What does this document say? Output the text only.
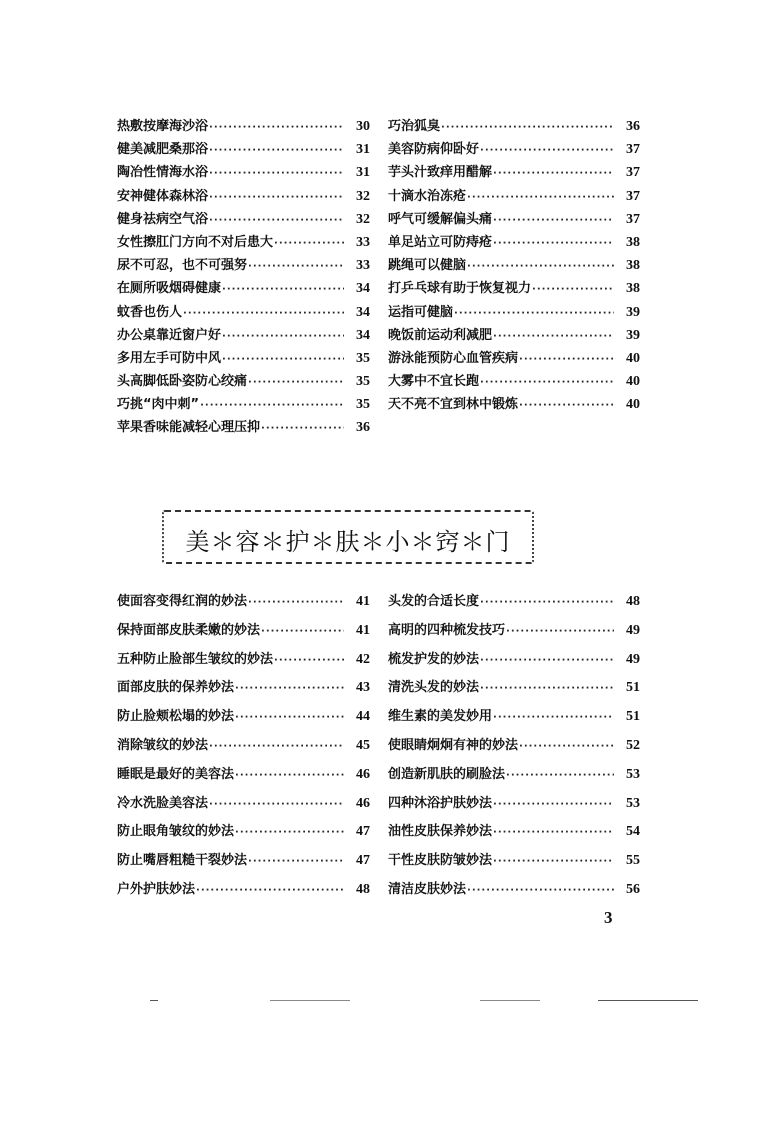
热敷按摩海沙浴 ·····	30
健美减肥桑那浴 ·····	31
陶冶性情海水浴 ·····	31
安神健体森林浴 ·····	32
健身祛病空气浴 ·····	32
女性擦肛门方向不对后患大 ·····	33
尿不可忍，也不可强努 ·····	33
在厕所吸烟碍健康 ·····	34
蚊香也伤人 ·····	34
办公桌靠近窗户好 ·····	34
多用左手可防中风 ·····	35
头高脚低卧姿防心绞痛 ·····	35
巧挑“肉中刺” ·····	35
苹果香味能减轻心理压抑 ·····	36
巧治狐臭 ·····	36
美容防病仰卧好 ·····	37
芋头汁致痒用醋解 ·····	37
十滴水治冻疮 ·····	37
呼气可缓解偏头痛 ·····	37
单足站立可防痔疮 ·····	38
跳绳可以健脑 ·····	38
打乒乓球有助于恢复视力 ·····	38
运指可健脑 ·····	39
晚饭前运动利减肥 ·····	39
游泳能预防心血管疾病 ·····	40
大雾中不宜长跑 ·····	40
天不亮不宜到林中锻炼 ·····	40
美＊容＊护＊肤＊小＊窍＊门
使面容变得红润的妙法 ·····	41
保持面部皮肤柔嫩的妙法 ·····	41
五种防止脸部生皱纹的妙法 ·····	42
面部皮肤的保养妙法 ·····	43
防止脸颊松塌的妙法 ·····	44
消除皱纹的妙法 ·····	45
睡眠是最好的美容法 ·····	46
冷水洗脸美容法 ·····	46
防止眼角皱纹的妙法 ·····	47
防止嘴唇粗糙干裂妙法 ·····	47
户外护肤妙法 ·····	48
头发的合适长度 ·····	48
高明的四种梳发技巧 ·····	49
梳发护发的妙法 ·····	49
清洗头发的妙法 ·····	51
维生素的美发妙用 ·····	51
使眼睛炯炯有神的妙法 ·····	52
创造新肌肤的刷脸法 ·····	53
四种沐浴护肤妙法 ·····	53
油性皮肤保养妙法 ·····	54
干性皮肤防皱妙法 ·····	55
清洁皮肤妙法 ·····	56
3
